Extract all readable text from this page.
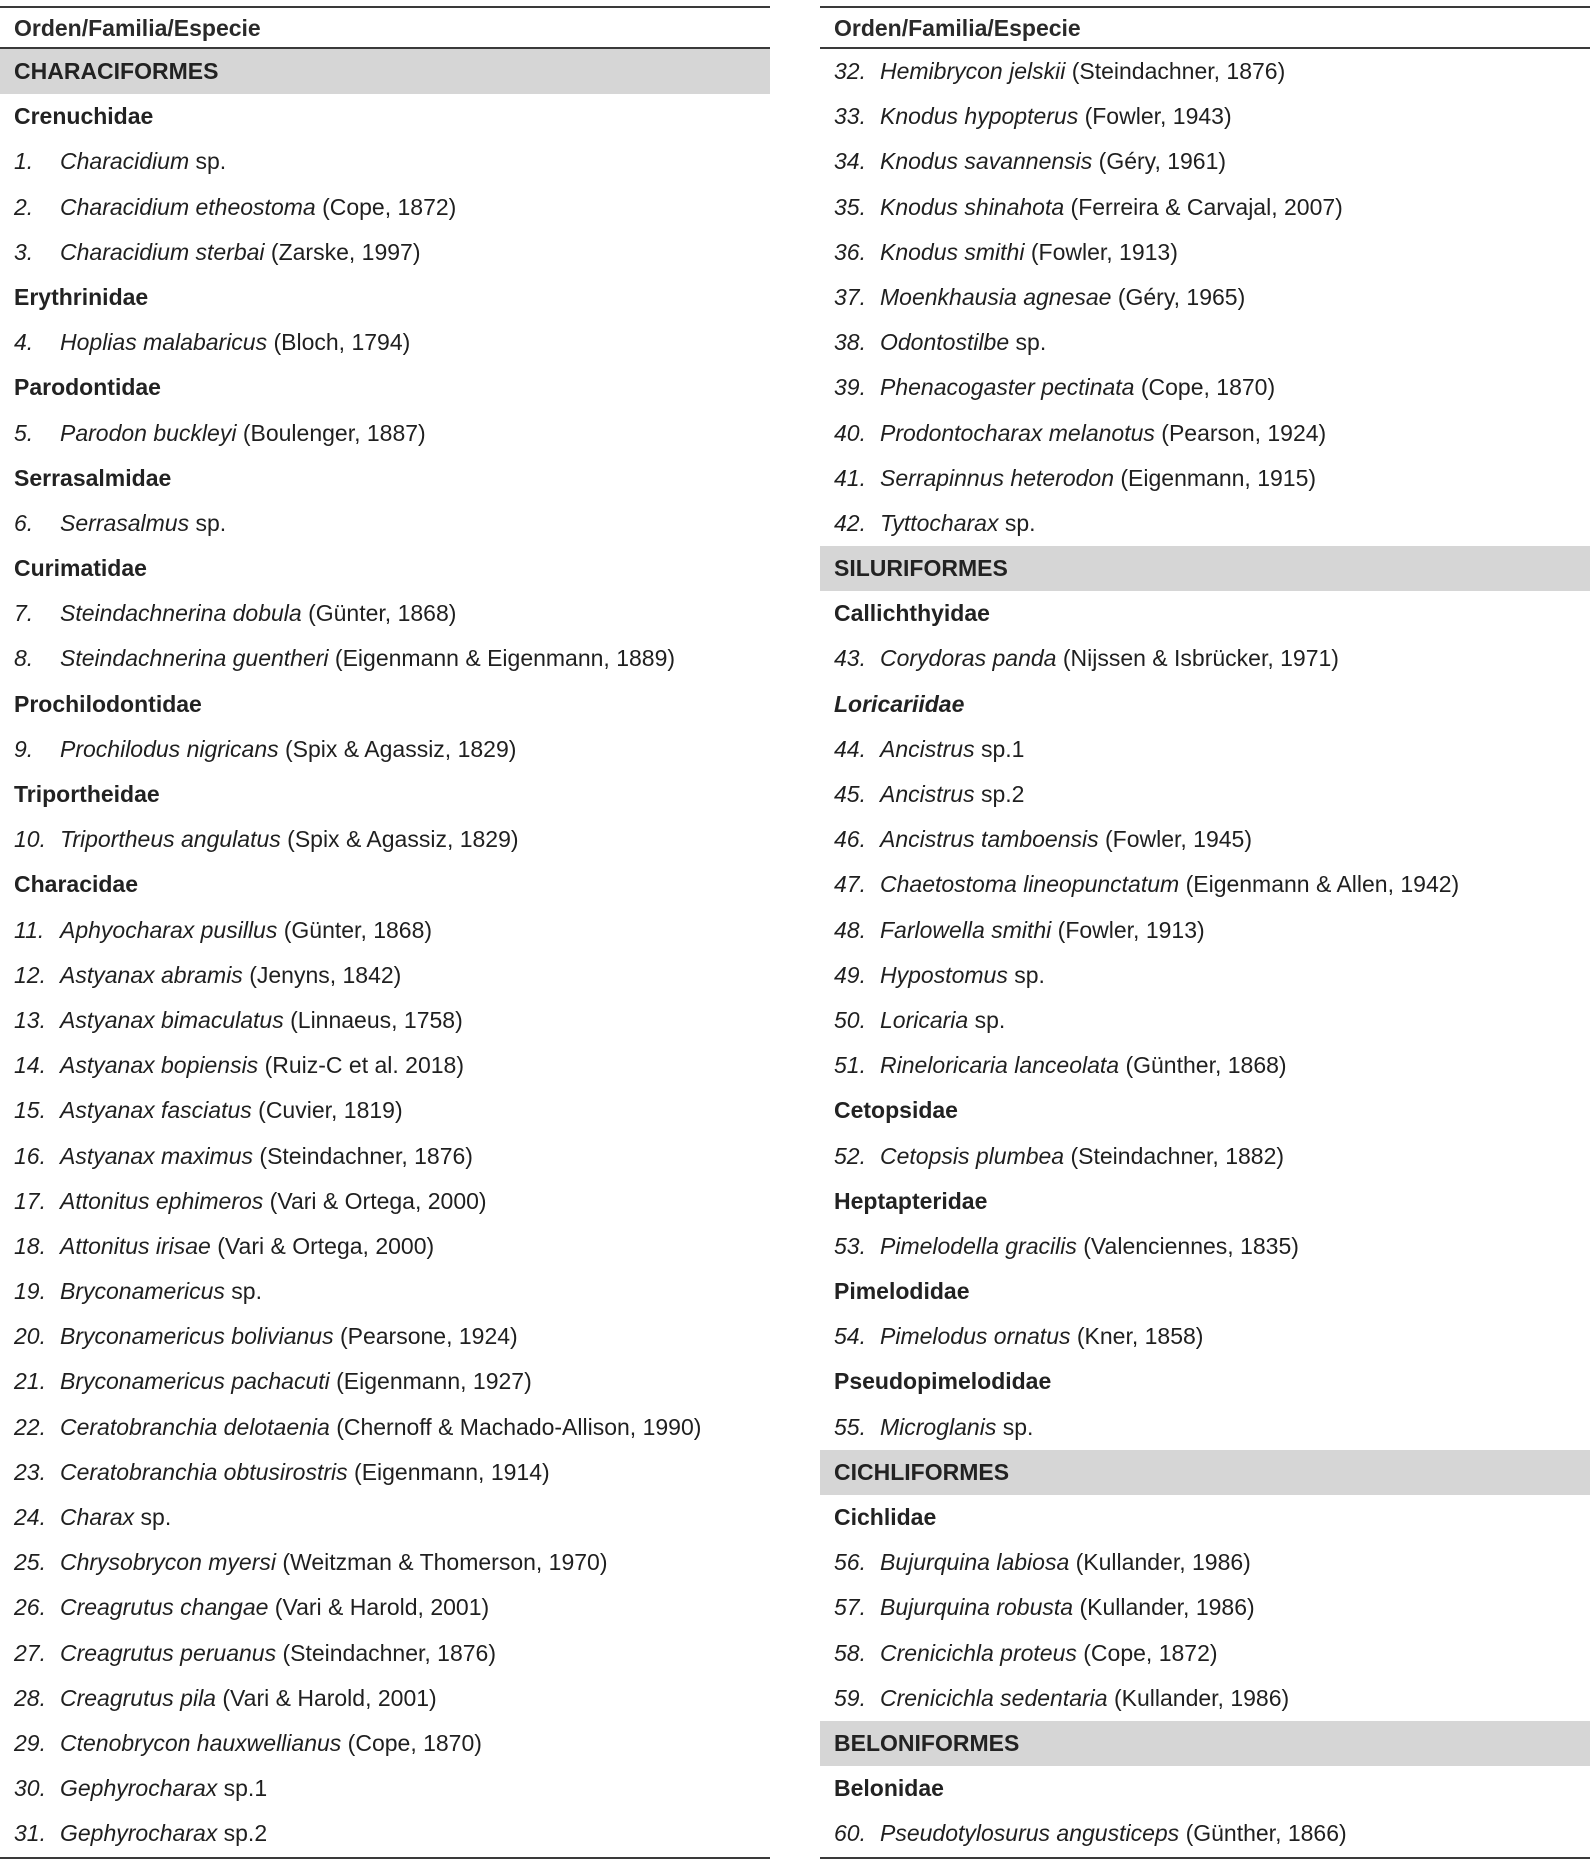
Orden/Familia/Especie
CHARACIFORMES
Crenuchidae
1. Characidium sp.
2. Characidium etheostoma (Cope, 1872)
3. Characidium sterbai (Zarske, 1997)
Erythrinidae
4. Hoplias malabaricus (Bloch, 1794)
Parodontidae
5. Parodon buckleyi (Boulenger, 1887)
Serrasalmidae
6. Serrasalmus sp.
Curimatidae
7. Steindachnerina dobula (Günter, 1868)
8. Steindachnerina guentheri (Eigenmann & Eigenmann, 1889)
Prochilodontidae
9. Prochilodus nigricans (Spix & Agassiz, 1829)
Triportheidae
10. Triportheus angulatus (Spix & Agassiz, 1829)
Characidae
11. Aphyocharax pusillus (Günter, 1868)
12. Astyanax abramis (Jenyns, 1842)
13. Astyanax bimaculatus (Linnaeus, 1758)
14. Astyanax bopiensis (Ruiz-C et al. 2018)
15. Astyanax fasciatus (Cuvier, 1819)
16. Astyanax maximus (Steindachner, 1876)
17. Attonitus ephimeros (Vari & Ortega, 2000)
18. Attonitus irisae (Vari & Ortega, 2000)
19. Bryconamericus sp.
20. Bryconamericus bolivianus (Pearsone, 1924)
21. Bryconamericus pachacuti (Eigenmann, 1927)
22. Ceratobranchia delotaenia (Chernoff & Machado-Allison, 1990)
23. Ceratobranchia obtusirostris (Eigenmann, 1914)
24. Charax sp.
25. Chrysobrycon myersi (Weitzman & Thomerson, 1970)
26. Creagrutus changae (Vari & Harold, 2001)
27. Creagrutus peruanus (Steindachner, 1876)
28. Creagrutus pila (Vari & Harold, 2001)
29. Ctenobrycon hauxwellianus (Cope, 1870)
30. Gephyrocharax sp.1
31. Gephyrocharax sp.2
Orden/Familia/Especie
32. Hemibrycon jelskii (Steindachner, 1876)
33. Knodus hypopterus (Fowler, 1943)
34. Knodus savannensis (Géry, 1961)
35. Knodus shinahota (Ferreira & Carvajal, 2007)
36. Knodus smithi (Fowler, 1913)
37. Moenkhausia agnesae (Géry, 1965)
38. Odontostilbe sp.
39. Phenacogaster pectinata (Cope, 1870)
40. Prodontocharax melanotus (Pearson, 1924)
41. Serrapinnus heterodon (Eigenmann, 1915)
42. Tyttocharax sp.
SILURIFORMES
Callichthyidae
43. Corydoras panda (Nijssen & Isbrücker, 1971)
Loricariidae
44. Ancistrus sp.1
45. Ancistrus sp.2
46. Ancistrus tamboensis (Fowler, 1945)
47. Chaetostoma lineopunctatum (Eigenmann & Allen, 1942)
48. Farlowella smithi (Fowler, 1913)
49. Hypostomus sp.
50. Loricaria sp.
51. Rineloricaria lanceolata (Günther, 1868)
Cetopsidae
52. Cetopsis plumbea (Steindachner, 1882)
Heptapteridae
53. Pimelodella gracilis (Valenciennes, 1835)
Pimelodidae
54. Pimelodus ornatus (Kner, 1858)
Pseudopimelodidae
55. Microglanis sp.
CICHLIFORMES
Cichlidae
56. Bujurquina labiosa (Kullander, 1986)
57. Bujurquina robusta (Kullander, 1986)
58. Crenicichla proteus (Cope, 1872)
59. Crenicichla sedentaria (Kullander, 1986)
BELONIFORMES
Belonidae
60. Pseudotylosurus angusticeps (Günther, 1866)
